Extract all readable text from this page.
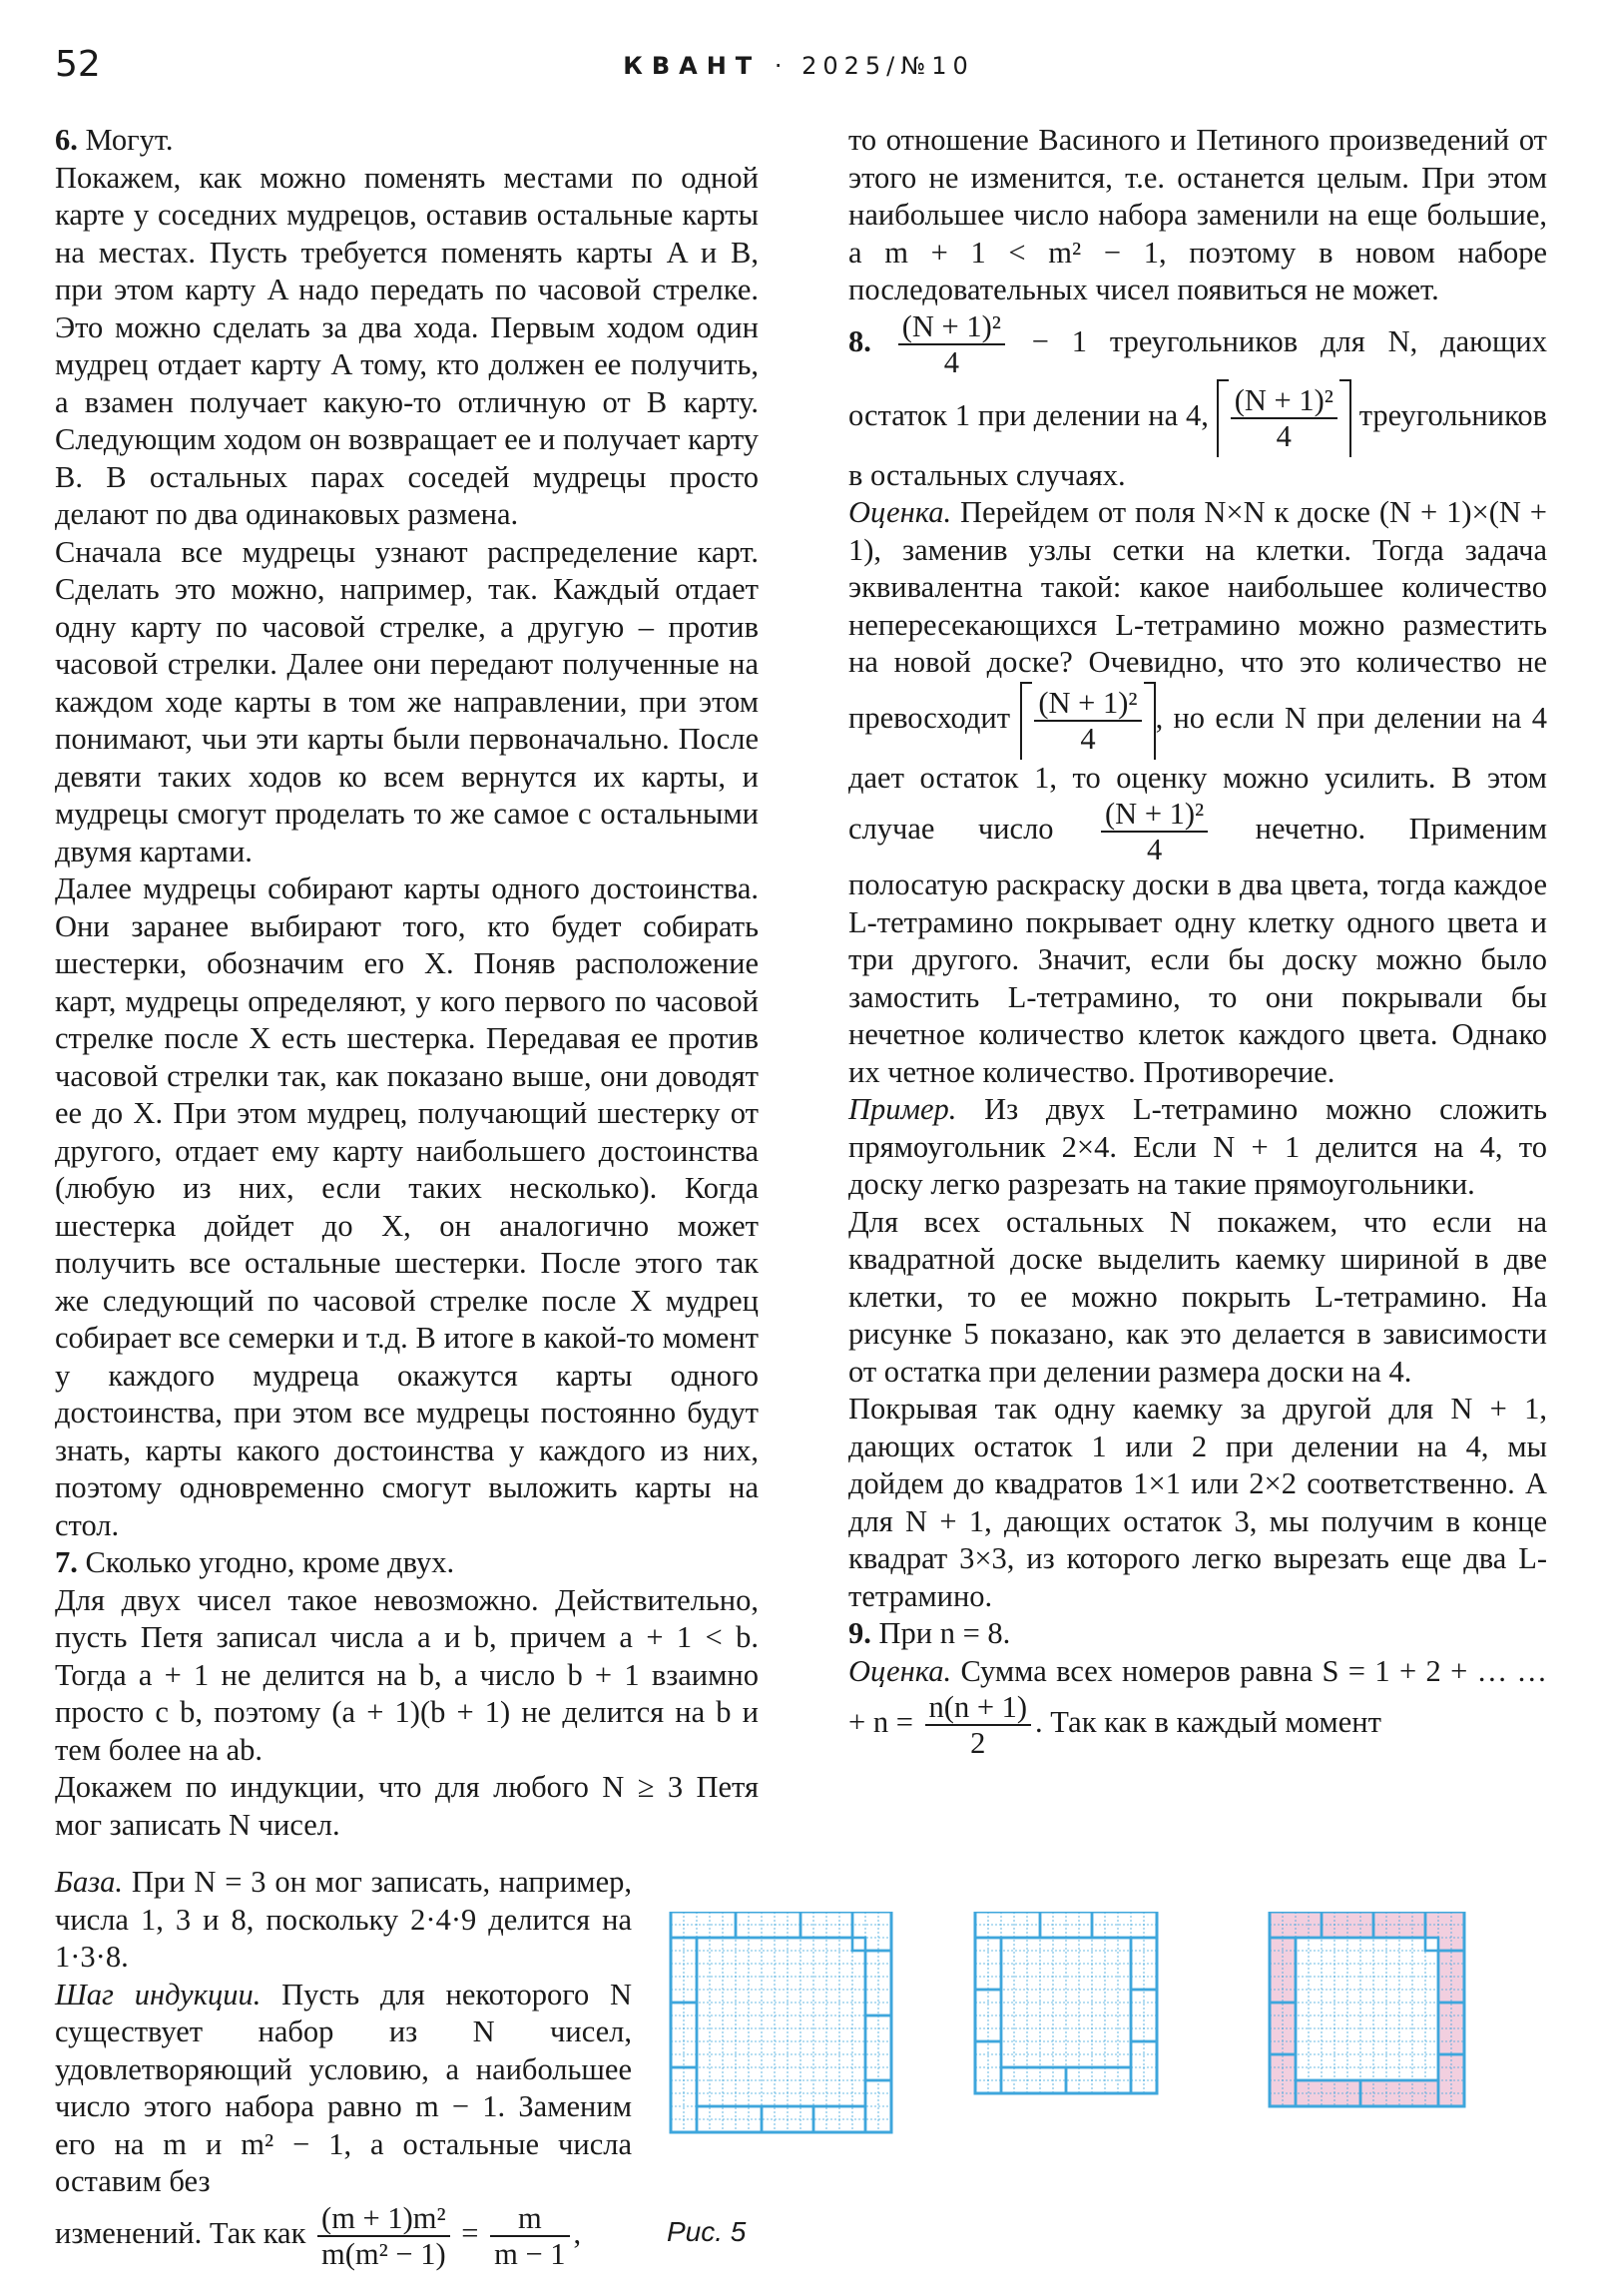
52	КВАНТ · 2025/№10

6. Могут.

Покажем, как можно поменять местами по одной карте у соседних мудрецов, оставив остальные карты на местах. Пусть требуется поменять карты A и B, при этом карту A надо передать по часовой стрелке. Это можно сделать за два хода. Первым ходом один мудрец отдает карту A тому, кто должен ее получить, а взамен получает какую-то отличную от B карту. Следующим ходом он возвращает ее и получает карту B. В остальных парах соседей мудрецы просто делают по два одинаковых размена.

Сначала все мудрецы узнают распределение карт. Сделать это можно, например, так. Каждый отдает одну карту по часовой стрелке, а другую – против часовой стрелки. Далее они передают полученные на каждом ходе карты в том же направлении, при этом понимают, чьи эти карты были первоначально. После девяти таких ходов ко всем вернутся их карты, и мудрецы смогут проделать то же самое с остальными двумя картами.

Далее мудрецы собирают карты одного достоинства. Они заранее выбирают того, кто будет собирать шестерки, обозначим его X. Поняв расположение карт, мудрецы определяют, у кого первого по часовой стрелке после X есть шестерка. Передавая ее против часовой стрелки так, как показано выше, они доводят ее до X. При этом мудрец, получающий шестерку от другого, отдает ему карту наибольшего достоинства (любую из них, если таких несколько). Когда шестерка дойдет до X, он аналогично может получить все остальные шестерки. После этого так же следующий по часовой стрелке после X мудрец собирает все семерки и т.д. В итоге в какой-то момент у каждого мудреца окажутся карты одного достоинства, при этом все мудрецы постоянно будут знать, карты какого достоинства у каждого из них, поэтому одновременно смогут выложить карты на стол.

7. Сколько угодно, кроме двух.

Для двух чисел такое невозможно. Действительно, пусть Петя записал числа a и b, причем a + 1 < b. Тогда a + 1 не делится на b, а число b + 1 взаимно просто с b, поэтому (a + 1)(b + 1) не делится на b и тем более на ab.

Докажем по индукции, что для любого N ≥ 3 Петя мог записать N чисел.

База. При N = 3 он мог записать, например, числа 1, 3 и 8, поскольку 2·4·9 делится на 1·3·8.

Шаг индукции. Пусть для некоторого N существует набор из N чисел, удовлетворяющий условию, а наибольшее число этого набора равно m − 1. Заменим его на m и m² − 1, а остальные числа оставим без

изменений. Так как $\frac{\text{(m + 1)m²}}{\text{m(m² − 1)}} = \frac{m}{m - 1}$ ,

то отношение Васиного и Петиного произведений от этого не изменится, т.е. останется целым. При этом наибольшее число набора заменили на еще большие, а m + 1 < m² − 1, поэтому в новом наборе последовательных чисел появиться не может.

8. $\frac{\text{(N + 1)²}}{4} - 1$ треугольников для N, дающих остаток 1 при делении на 4, $\frac{\text{(N + 1)²}}{4}$ треугольников в остальных случаях.

Оценка. Перейдем от поля N×N к доске (N + 1)×(N + 1), заменив узлы сетки на клетки. Тогда задача эквивалентна такой: какое наибольшее количество непересекающихся L-тетрамино можно разместить на новой доске? Очевидно, что это количество не превосходит $\frac{\text{(N + 1)²}}{4}$ , но если N при делении на 4 дает остаток 1, то оценку можно усилить. В этом случае число $\frac{\text{(N + 1)²}}{4}$ нечетно. Применим полосатую раскраску доски в два цвета, тогда каждое L-тетрамино покрывает одну клетку одного цвета и три другого. Значит, если бы доску можно было замостить L-тетрамино, то они покрывали бы нечетное количество клеток каждого цвета. Однако их четное количество. Противоречие.

Пример. Из двух L-тетрамино можно сложить прямоугольник 2×4. Если N + 1 делится на 4, то доску легко разрезать на такие прямоугольники.

Для всех остальных N покажем, что если на квадратной доске выделить каемку шириной в две клетки, то ее можно покрыть L-тетрамино. На рисунке 5 показано, как это делается в зависимости от остатка при делении размера доски на 4.

Покрывая так одну каемку за другой для N + 1, дающих остаток 1 или 2 при делении на 4, мы дойдем до квадратов 1×1 или 2×2 соответственно. А для N + 1, дающих остаток 3, мы получим в конце квадрат 3×3, из которого легко вырезать еще два L-тетрамино.

9. При n = 8.

Оценка. Сумма всех номеров равна S = 1 + 2 + … … + $n = \frac{n(n + 1)}{2}$ . Так как в каждый момент

Рис. 5
